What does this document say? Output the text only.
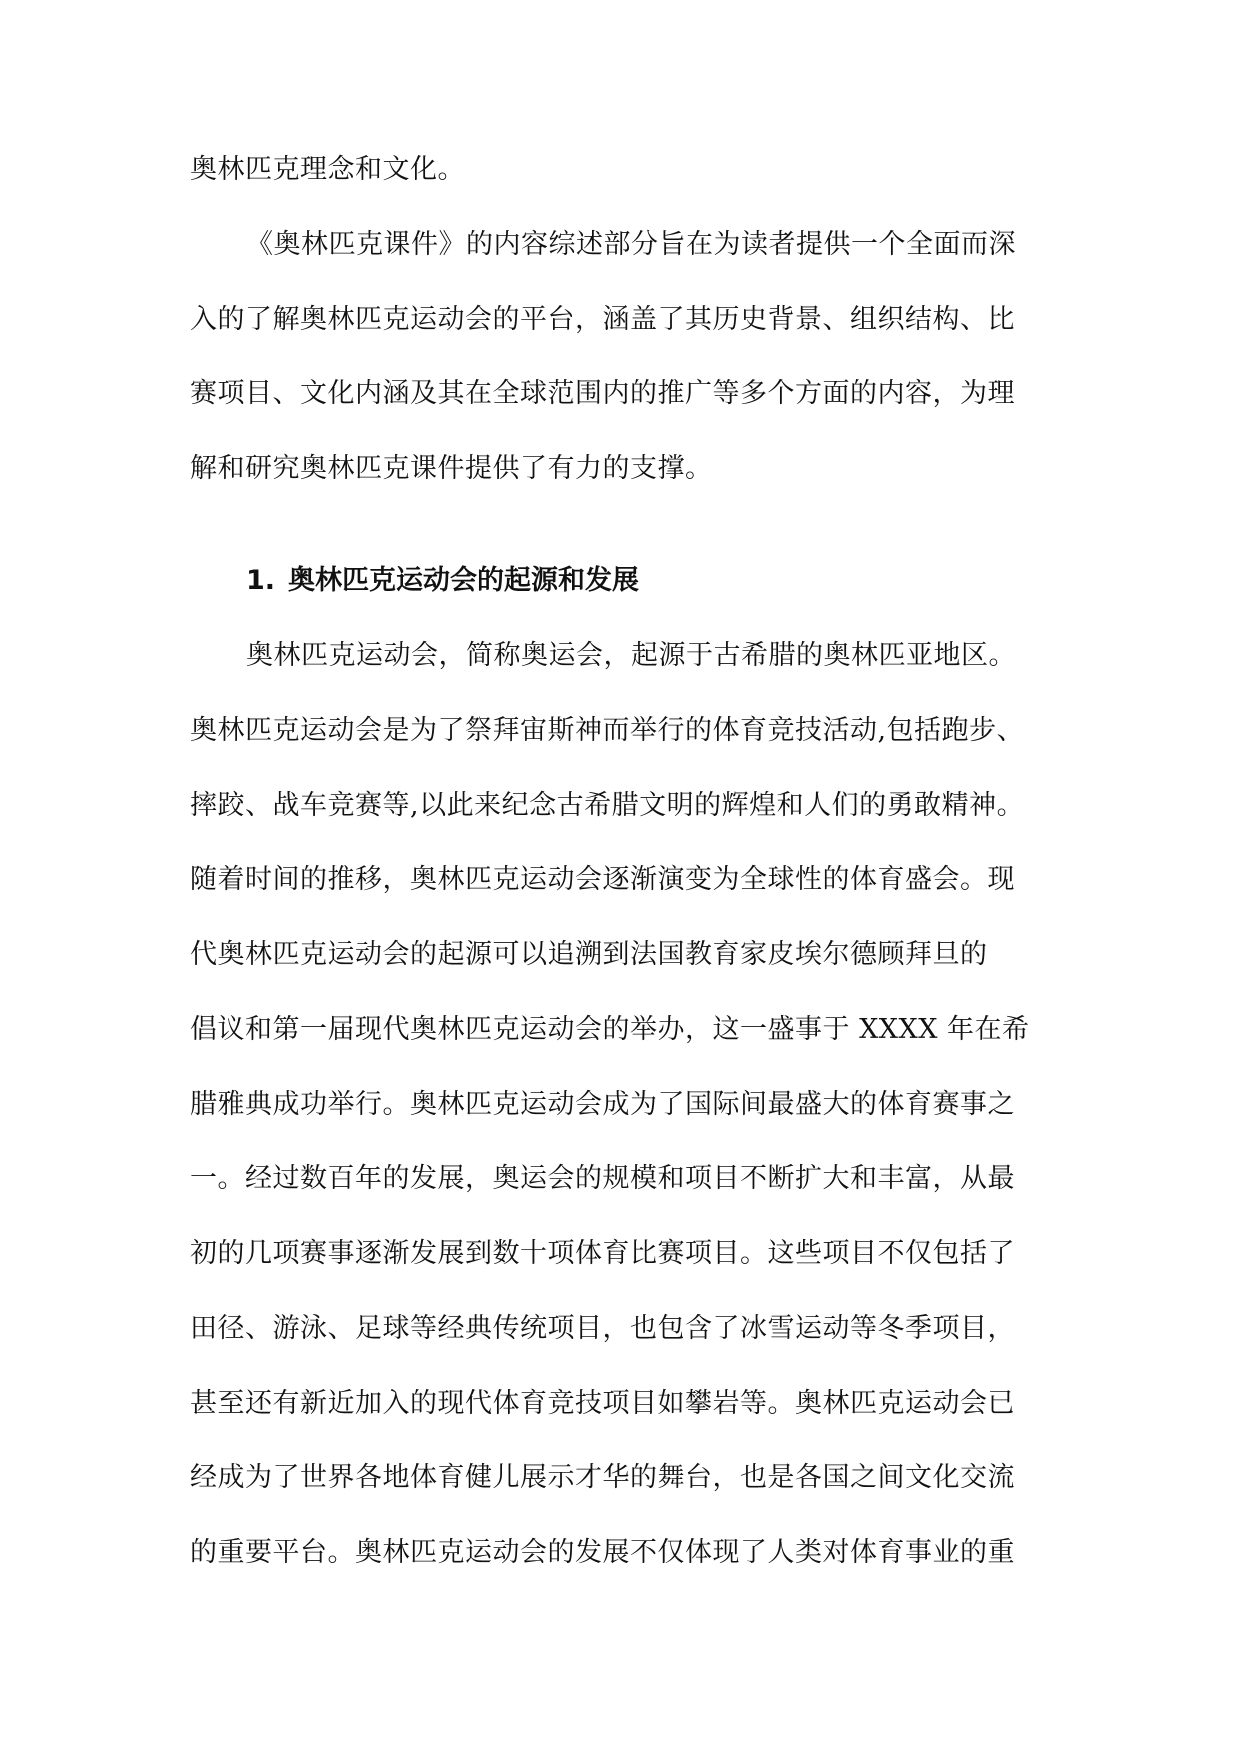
奥林匹克理念和文化。
《奥林匹克课件》的内容综述部分旨在为读者提供一个全面而深
入的了解奥林匹克运动会的平台，涵盖了其历史背景、组织结构、比
赛项目、文化内涵及其在全球范围内的推广等多个方面的内容，为理
解和研究奥林匹克课件提供了有力的支撑。
1. 奥林匹克运动会的起源和发展
奥林匹克运动会，简称奥运会，起源于古希腊的奥林匹亚地区。
奥林匹克运动会是为了祭拜宙斯神而举行的体育竞技活动,包括跑步、
摔跤、战车竞赛等,以此来纪念古希腊文明的辉煌和人们的勇敢精神。
随着时间的推移，奥林匹克运动会逐渐演变为全球性的体育盛会。现
代奥林匹克运动会的起源可以追溯到法国教育家皮埃尔德顾拜旦的
倡议和第一届现代奥林匹克运动会的举办，这一盛事于 XXXX 年在希
腊雅典成功举行。奥林匹克运动会成为了国际间最盛大的体育赛事之
一。经过数百年的发展，奥运会的规模和项目不断扩大和丰富，从最
初的几项赛事逐渐发展到数十项体育比赛项目。这些项目不仅包括了
田径、游泳、足球等经典传统项目，也包含了冰雪运动等冬季项目，
甚至还有新近加入的现代体育竞技项目如攀岩等。奥林匹克运动会已
经成为了世界各地体育健儿展示才华的舞台，也是各国之间文化交流
的重要平台。奥林匹克运动会的发展不仅体现了人类对体育事业的重
